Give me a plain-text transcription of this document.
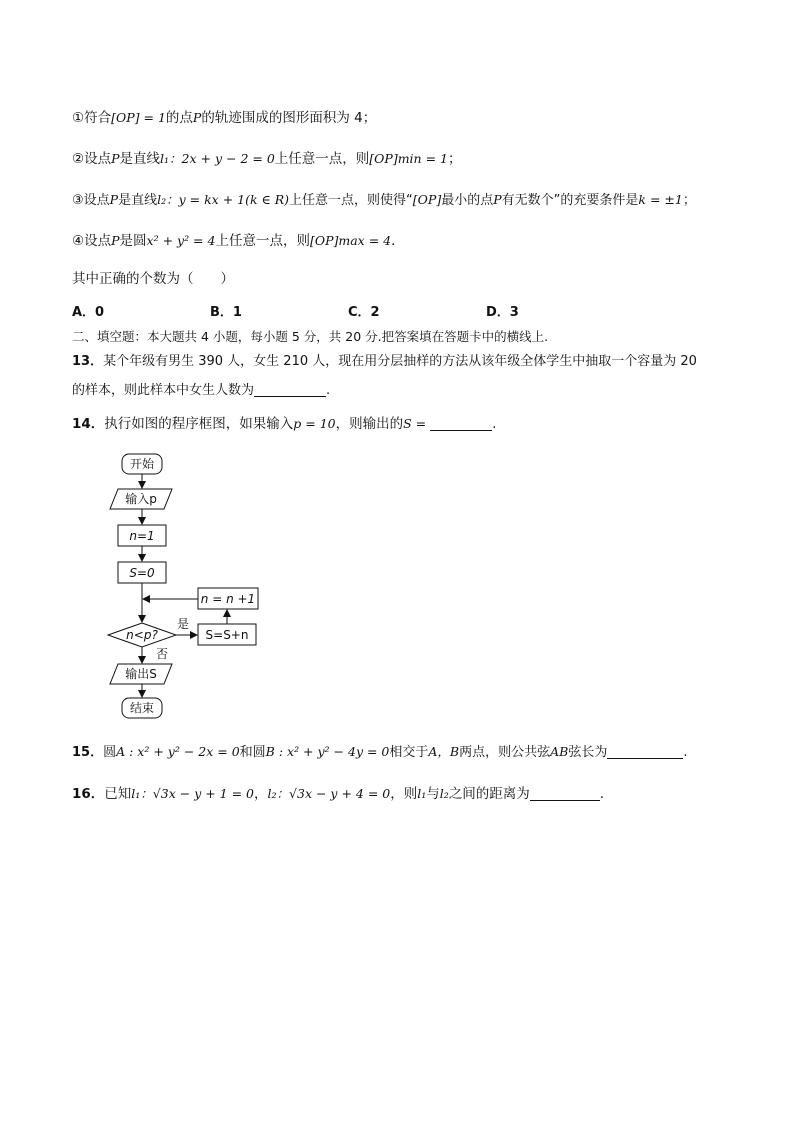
①符合[OP] = 1的点P的轨迹围成的图形面积为 4；
②设点P是直线l₁：2x + y − 2 = 0上任意一点，则[OP]min = 1；
③设点P是直线l₂：y = kx + 1(k ∈ R)上任意一点，则使得“[OP]最小的点P有无数个”的充要条件是k = ±1；
④设点P是圆x² + y² = 4上任意一点，则[OP]max = 4．
其中正确的个数为（　　）
A．0	B．1	C．2	D．3
二、填空题：本大题共 4 小题，每小题 5 分，共 20 分.把答案填在答题卡中的横线上.
13．某个年级有男生 390 人，女生 210 人，现在用分层抽样的方法从该年级全体学生中抽取一个容量为 20
的样本，则此样本中女生人数为	.
14．执行如图的程序框图，如果输入p = 10，则输出的S =	.
开始
输入p
n=1
S=0
n<p?
是
否
S=S+n
n = n +1
输出S
结束
15．圆A : x² + y² − 2x = 0和圆B : x² + y² − 4y = 0相交于A，B两点，则公共弦AB弦长为	.
16．已知l₁：√3x − y + 1 = 0，l₂：√3x − y + 4 = 0，则l₁与l₂之间的距离为	.
